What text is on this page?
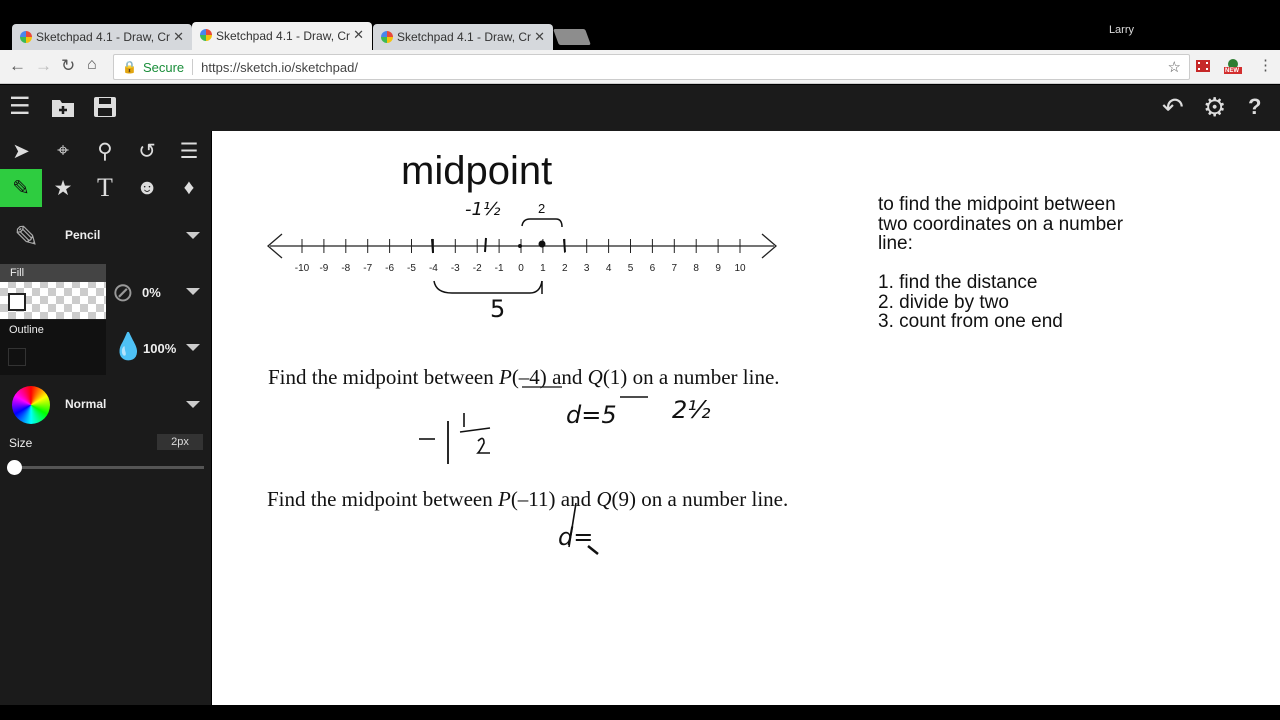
Sketchpad 4.1 - Draw, Cr ✕	Sketchpad 4.1 - Draw, Cr ✕	Sketchpad 4.1 - Draw, Cr ✕	Larry
← → ↻ ⌂ 🔒 Secure https://sketch.io/sketchpad/	☆	NEW ⋮
☰	↶ ⚙ ?
➤	⌖	⚲	↺	☰
✎	★ T	☻	♦
✎ Pencil
Fill
⊘ 0%
Outline
💧
100%
Normal
Size	2px
midpoint
-10 -9 -8 -7 -6 -5 -4 -3 -2 -1 0 1 2 3 4 5 6 7 8 9 10
-1½	2
5
Find the midpoint between P(–4) and Q(1) on a number line.
d=5 2½
Find the midpoint between P(–11) and Q(9) on a number line.
d=
to find the midpoint between
two coordinates on a number
line:
1. find the distance
2. divide by two
3. count from one end
